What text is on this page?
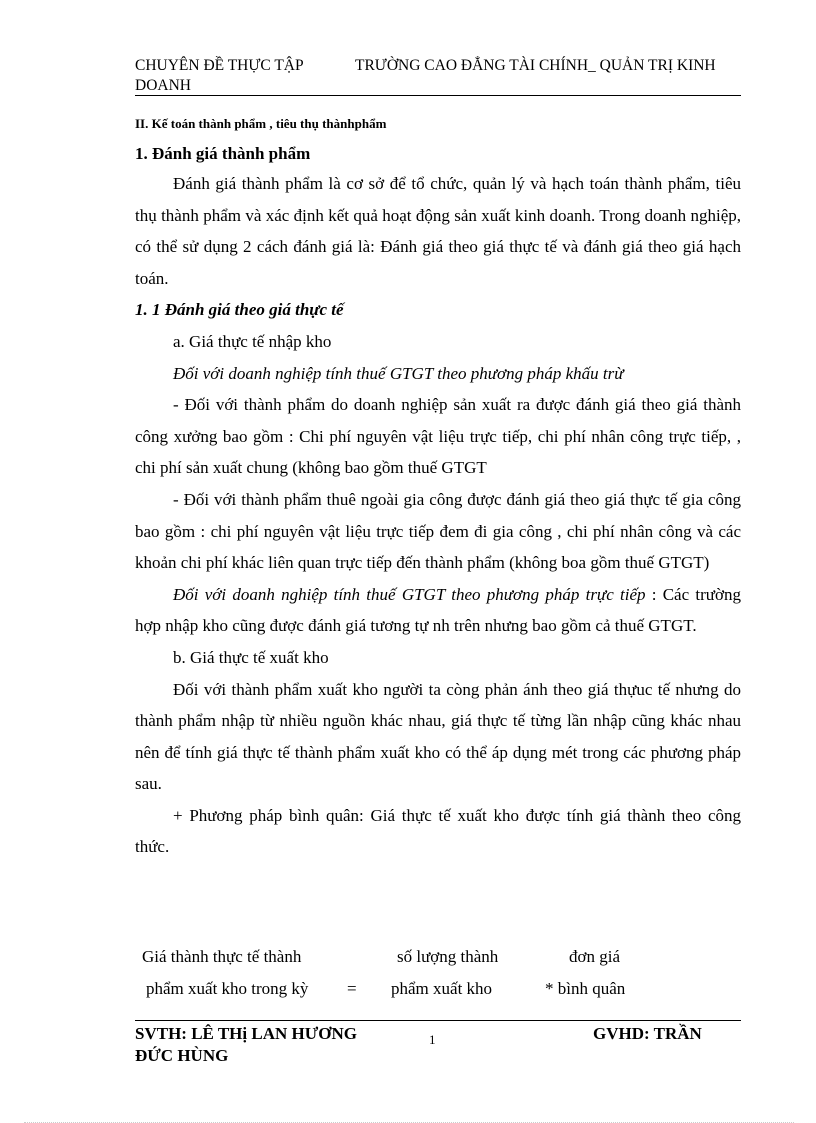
CHUYÊN ĐỀ THỰC TẬP	TRƯỜNG CAO ĐẲNG TÀI CHÍNH_ QUẢN TRỊ KINH
DOANH

II. Kế toán thành phẩm , tiêu thụ thànhphẩm

1. Đánh giá thành phẩm

Đánh giá thành phẩm là cơ sở để tổ chức, quản lý và hạch toán thành phẩm, tiêu thụ thành phẩm và xác định kết quả hoạt động sản xuất kinh doanh. Trong doanh nghiệp, có thể sử dụng 2 cách đánh giá là: Đánh giá theo giá thực tế và đánh giá theo giá hạch toán.

1. 1 Đánh giá theo giá thực tế

a. Giá thực tế nhập kho

Đối với doanh nghiệp tính thuế GTGT theo phương pháp khấu trừ

- Đối với thành phẩm do doanh nghiệp sản xuất ra được đánh giá theo giá thành công xưởng bao gồm : Chi phí nguyên vật liệu trực tiếp, chi phí nhân công trực tiếp, , chi phí sản xuất chung (không bao gồm thuế GTGT

- Đối với thành phẩm thuê ngoài gia công được đánh giá theo giá thực tế gia công bao gồm : chi phí nguyên vật liệu trực tiếp đem đi gia công , chi phí nhân công và các khoản chi phí khác liên quan trực tiếp đến thành phẩm (không boa gồm thuế GTGT)

Đối với doanh nghiệp tính thuế GTGT theo phương pháp trực tiếp : Các trường hợp nhập kho cũng được đánh giá tương tự nh trên nhưng bao gồm cả thuế GTGT.

b. Giá thực tế xuất kho

Đối với thành phẩm xuất kho người ta còng phản ánh theo giá thựuc tế nhưng do thành phẩm nhập từ nhiều nguồn khác nhau, giá thực tế từng lần nhập cũng khác nhau nên để tính giá thực tế thành phẩm xuất kho có thể áp dụng mét trong các phương pháp sau.

+ Phương pháp bình quân: Giá thực tế xuất kho được tính giá thành theo công thức.

Giá thành thực tế thành	số lượng thành	đơn giá
phẩm xuất kho trong kỳ = phẩm xuất kho	* bình quân
SVTH: LÊ THị LAN HƯƠNG	1	GVHD: TRẦN
ĐỨC HÙNG
